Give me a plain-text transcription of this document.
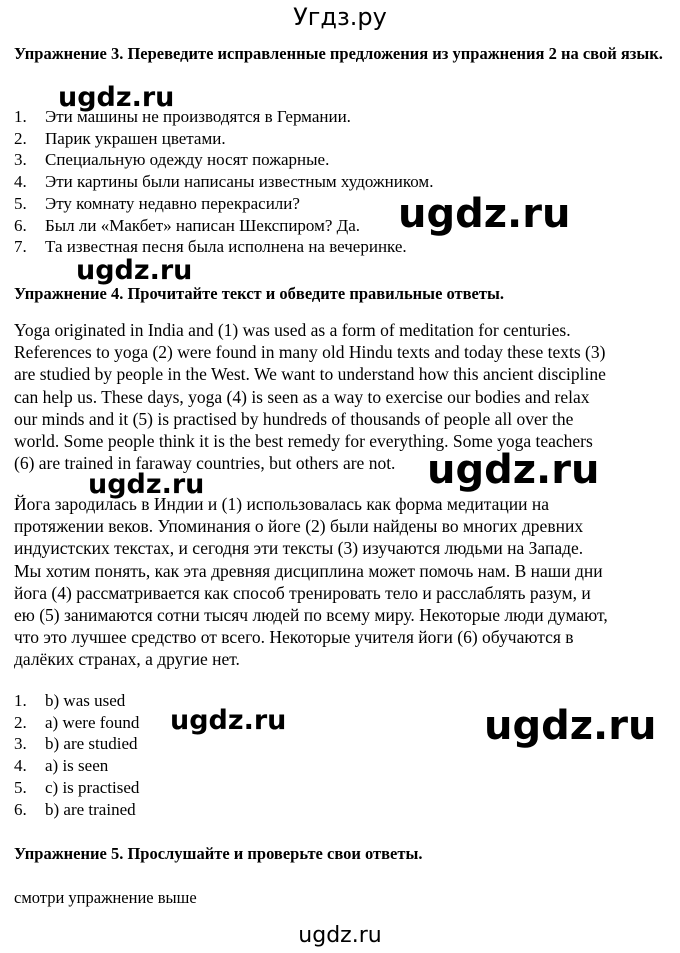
Угдз.ру
Упражнение 3. Переведите исправленные предложения из упражнения 2 на свой язык.
1.	Эти машины не производятся в Германии.
2.	Парик украшен цветами.
3.	Специальную одежду носят пожарные.
4.	Эти картины были написаны известным художником.
5.	Эту комнату недавно перекрасили?
6.	Был ли «Макбет» написан Шекспиром? Да.
7.	Та известная песня была исполнена на вечеринке.
Упражнение 4. Прочитайте текст и обведите правильные ответы.
Yoga originated in India and (1) was used as a form of meditation for centuries.
References to yoga (2) were found in many old Hindu texts and today these texts (3)
are studied by people in the West. We want to understand how this ancient discipline
can help us. These days, yoga (4) is seen as a way to exercise our bodies and relax
our minds and it (5) is practised by hundreds of thousands of people all over the
world. Some people think it is the best remedy for everything. Some yoga teachers
(6) are trained in faraway countries, but others are not.
Йога зародилась в Индии и (1) использовалась как форма медитации на
протяжении веков. Упоминания о йоге (2) были найдены во многих древних
индуистских текстах, и сегодня эти тексты (3) изучаются людьми на Западе.
Мы хотим понять, как эта древняя дисциплина может помочь нам. В наши дни
йога (4) рассматривается как способ тренировать тело и расслаблять разум, и
ею (5) занимаются сотни тысяч людей по всему миру. Некоторые люди думают,
что это лучшее средство от всего. Некоторые учителя йоги (6) обучаются в
далёких странах, а другие нет.
1.	b) was used
2.	a) were found
3.	b) are studied
4.	a) is seen
5.	c) is practised
6.	b) are trained
Упражнение 5. Прослушайте и проверьте свои ответы.
смотри упражнение выше
ugdz.ru
ugdz.ru
ugdz.ru
ugdz.ru
ugdz.ru
ugdz.ru	ugdz.ru
ugdz.ru
